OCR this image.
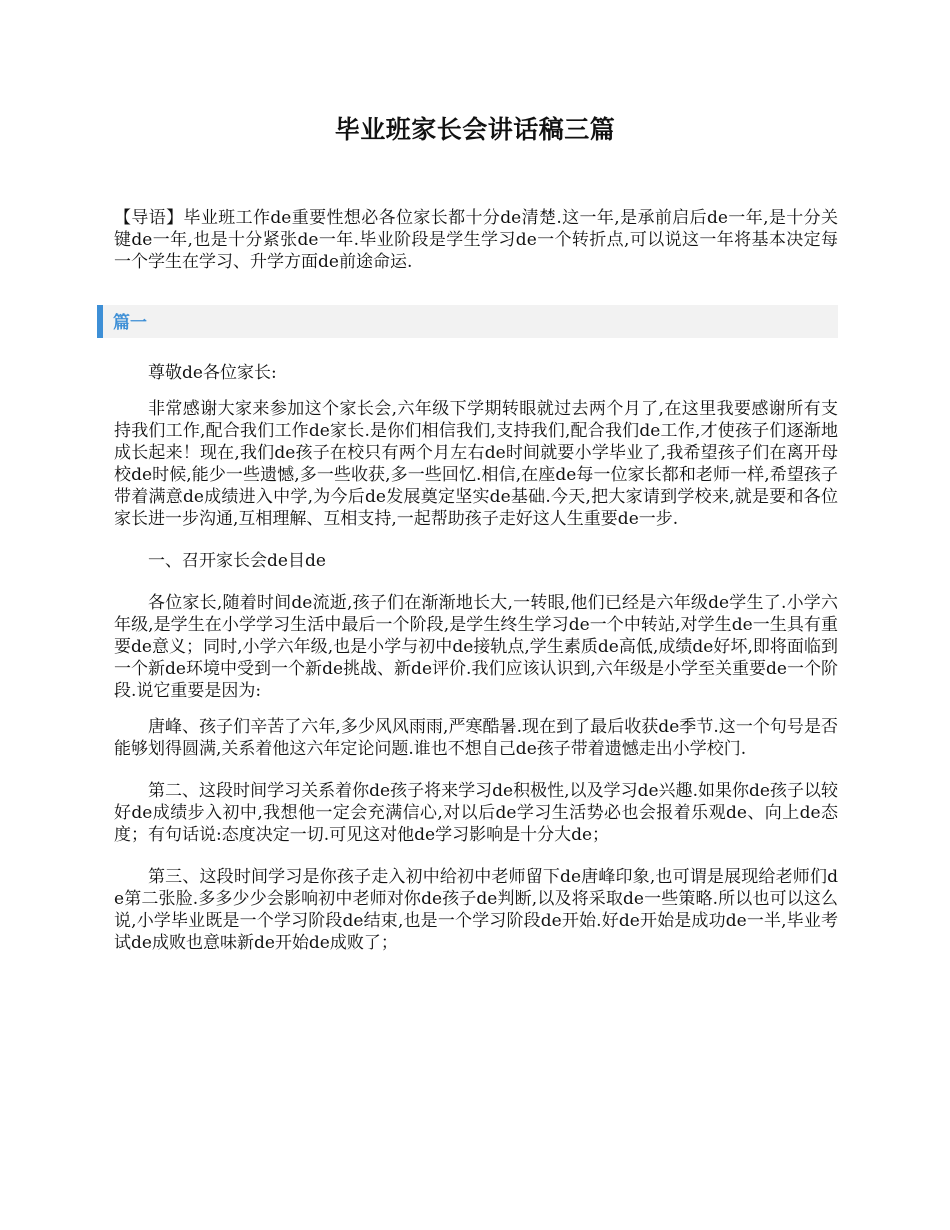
毕业班家长会讲话稿三篇

【导语】毕业班工作de重要性想必各位家长都十分de清楚.这一年,是承前启后de一年,是十分关键de一年,也是十分紧张de一年.毕业阶段是学生学习de一个转折点,可以说这一年将基本决定每一个学生在学习、升学方面de前途命运.

篇一

尊敬de各位家长:

非常感谢大家来参加这个家长会,六年级下学期转眼就过去两个月了,在这里我要感谢所有支持我们工作,配合我们工作de家长.是你们相信我们,支持我们,配合我们de工作,才使孩子们逐渐地成长起来！现在,我们de孩子在校只有两个月左右de时间就要小学毕业了,我希望孩子们在离开母校de时候,能少一些遗憾,多一些收获,多一些回忆.相信,在座de每一位家长都和老师一样,希望孩子带着满意de成绩进入中学,为今后de发展奠定坚实de基础.今天,把大家请到学校来,就是要和各位家长进一步沟通,互相理解、互相支持,一起帮助孩子走好这人生重要de一步.

一、召开家长会de目de

各位家长,随着时间de流逝,孩子们在渐渐地长大,一转眼,他们已经是六年级de学生了.小学六年级,是学生在小学学习生活中最后一个阶段,是学生终生学习de一个中转站,对学生de一生具有重要de意义；同时,小学六年级,也是小学与初中de接轨点,学生素质de高低,成绩de好坏,即将面临到一个新de环境中受到一个新de挑战、新de评价.我们应该认识到,六年级是小学至关重要de一个阶段.说它重要是因为:

唐峰、孩子们辛苦了六年,多少风风雨雨,严寒酷暑.现在到了最后收获de季节.这一个句号是否能够划得圆满,关系着他这六年定论问题.谁也不想自己de孩子带着遗憾走出小学校门.

第二、这段时间学习关系着你de孩子将来学习de积极性,以及学习de兴趣.如果你de孩子以较好de成绩步入初中,我想他一定会充满信心,对以后de学习生活势必也会报着乐观de、向上de态度；有句话说:态度决定一切.可见这对他de学习影响是十分大de；

第三、这段时间学习是你孩子走入初中给初中老师留下de唐峰印象,也可谓是展现给老师们de第二张脸.多多少少会影响初中老师对你de孩子de判断,以及将采取de一些策略.所以也可以这么说,小学毕业既是一个学习阶段de结束,也是一个学习阶段de开始.好de开始是成功de一半,毕业考试de成败也意味新de开始de成败了；
